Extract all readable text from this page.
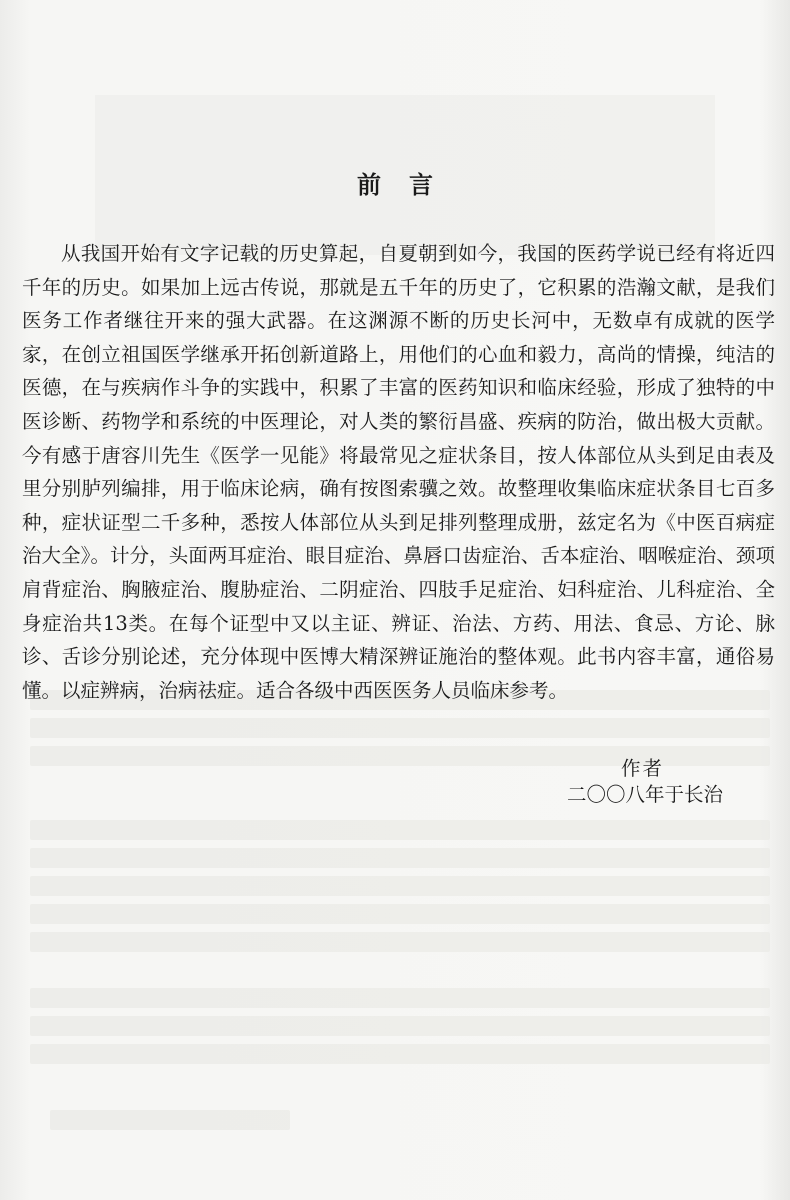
前言

从我国开始有文字记载的历史算起，自夏朝到如今，我国的医药学说已经有将近四千年的历史。如果加上远古传说，那就是五千年的历史了，它积累的浩瀚文献，是我们医务工作者继往开来的强大武器。在这渊源不断的历史长河中，无数卓有成就的医学家，在创立祖国医学继承开拓创新道路上，用他们的心血和毅力，高尚的情操，纯洁的医德，在与疾病作斗争的实践中，积累了丰富的医药知识和临床经验，形成了独特的中医诊断、药物学和系统的中医理论，对人类的繁衍昌盛、疾病的防治，做出极大贡献。今有感于唐容川先生《医学一见能》将最常见之症状条目，按人体部位从头到足由表及里分别胪列编排，用于临床论病，确有按图索骥之效。故整理收集临床症状条目七百多种，症状证型二千多种，悉按人体部位从头到足排列整理成册，兹定名为《中医百病症治大全》。计分，头面两耳症治、眼目症治、鼻唇口齿症治、舌本症治、咽喉症治、颈项肩背症治、胸腋症治、腹胁症治、二阴症治、四肢手足症治、妇科症治、儿科症治、全身症治共13类。在每个证型中又以主证、辨证、治法、方药、用法、食忌、方论、脉诊、舌诊分别论述，充分体现中医博大精深辨证施治的整体观。此书内容丰富，通俗易懂。以症辨病，治病祛症。适合各级中西医医务人员临床参考。

作者
二〇〇八年于长治
